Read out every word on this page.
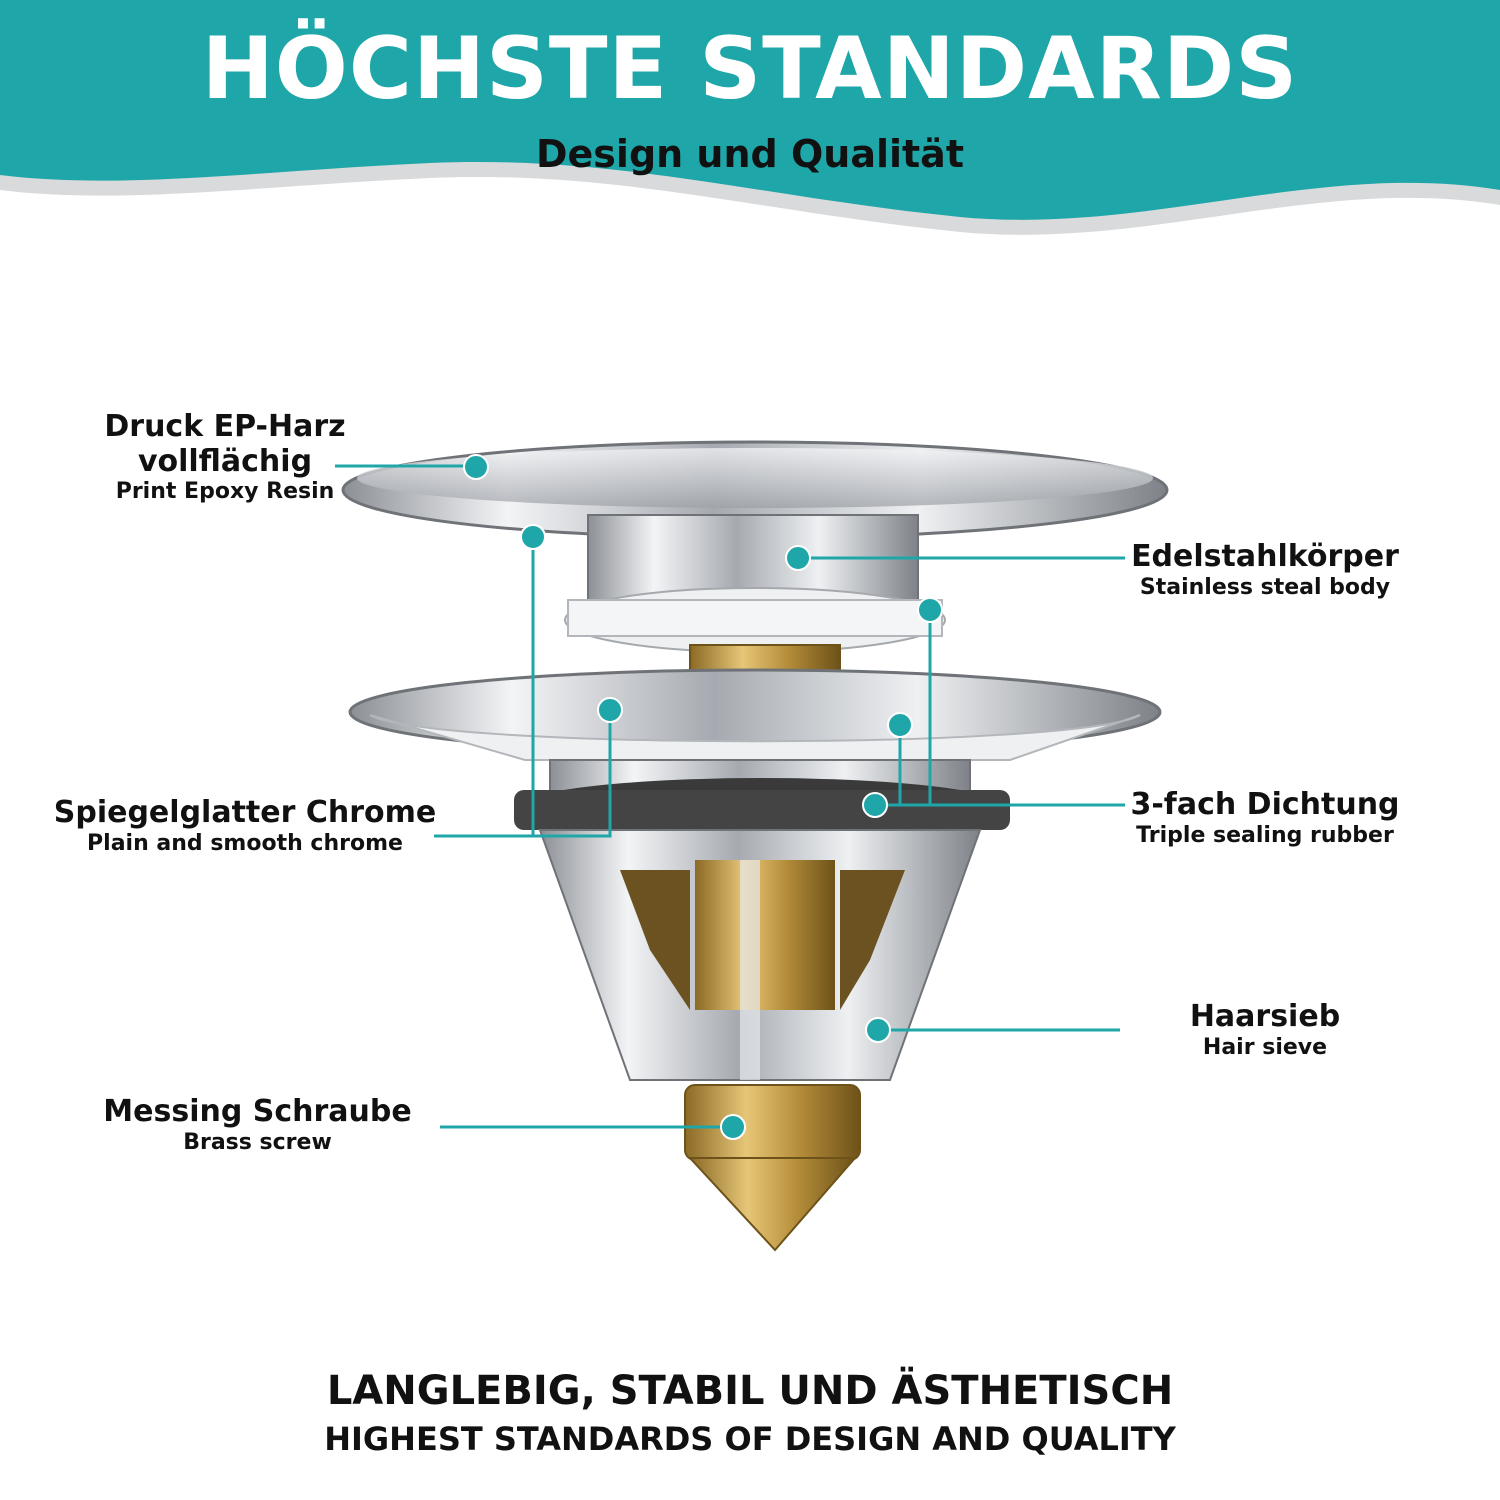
HÖCHSTE STANDARDS
Design und Qualität
Druck EP-Harz
vollflächig
Print Epoxy Resin
Edelstahlkörper
Stainless steal body
Spiegelglatter Chrome
Plain and smooth chrome
3-fach Dichtung
Triple sealing rubber
Haarsieb
Hair sieve
Messing Schraube
Brass screw
LANGLEBIG, STABIL UND ÄSTHETISCH
HIGHEST STANDARDS OF DESIGN AND QUALITY
